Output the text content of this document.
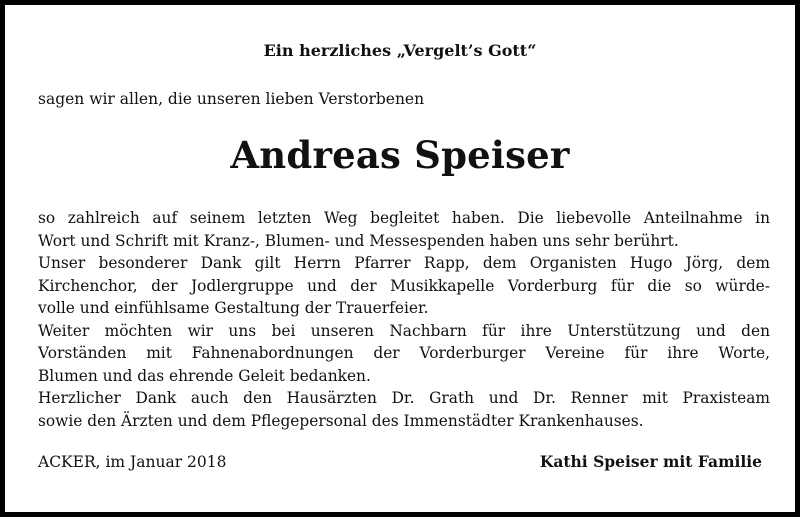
Ein herzliches „Vergelt’s Gott“
sagen wir allen, die unseren lieben Verstorbenen
Andreas Speiser
so zahlreich auf seinem letzten Weg begleitet haben. Die liebevolle Anteilnahme in
Wort und Schrift mit Kranz-, Blumen- und Messespenden haben uns sehr berührt.
Unser besonderer Dank gilt Herrn Pfarrer Rapp, dem Organisten Hugo Jörg, dem
Kirchenchor, der Jodlergruppe und der Musikkapelle Vorderburg für die so würde-
volle und einfühlsame Gestaltung der Trauerfeier.
Weiter möchten wir uns bei unseren Nachbarn für ihre Unterstützung und den
Vorständen mit Fahnenabordnungen der Vorderburger Vereine für ihre Worte,
Blumen und das ehrende Geleit bedanken.
Herzlicher Dank auch den Hausärzten Dr. Grath und Dr. Renner mit Praxisteam
sowie den Ärzten und dem Pflegepersonal des Immenstädter Krankenhauses.
ACKER, im Januar 2018	Kathi Speiser mit Familie
